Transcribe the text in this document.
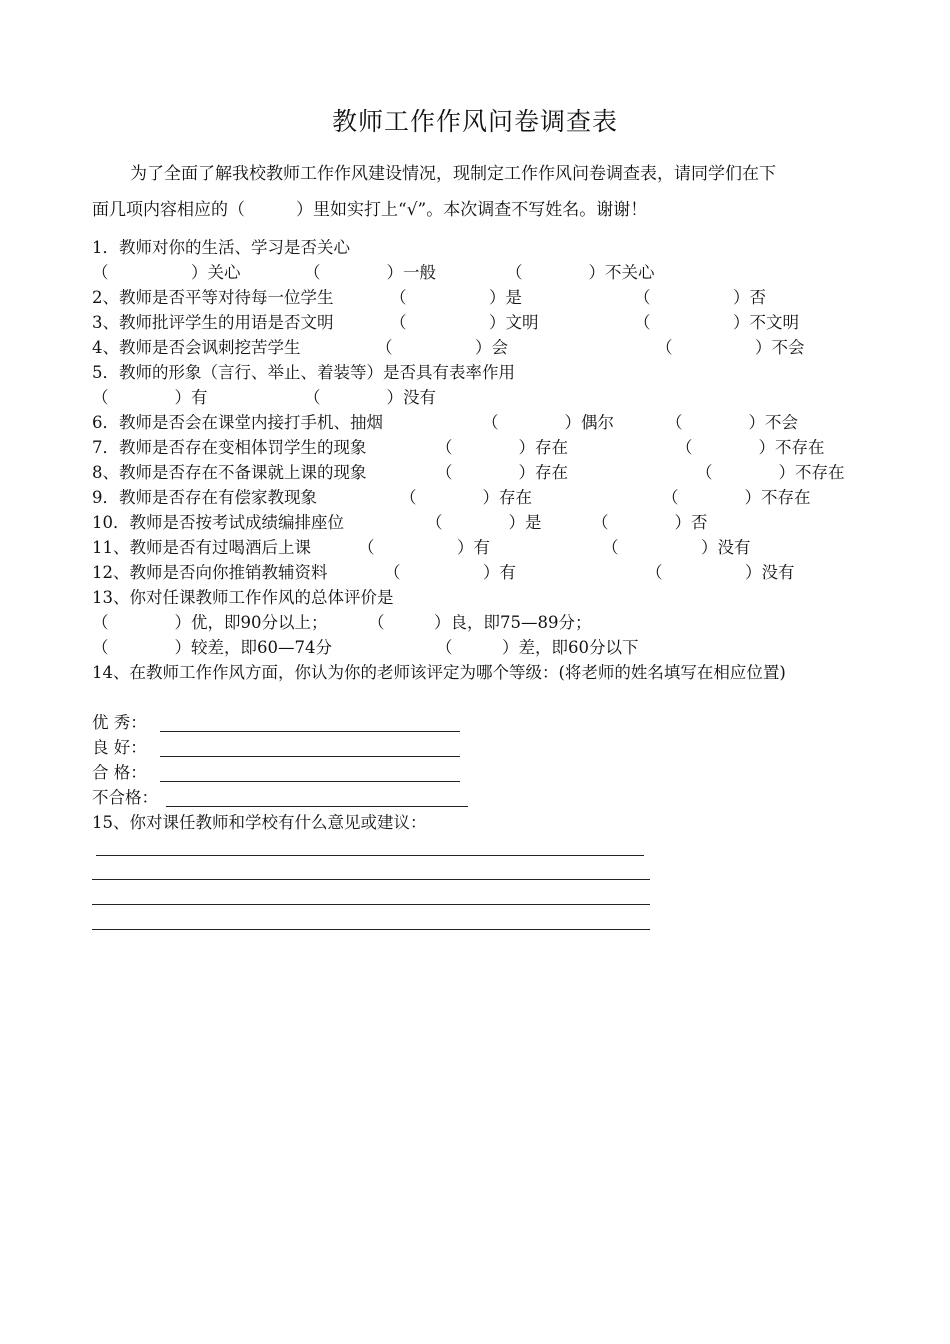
教师工作作风问卷调查表
为了全面了解我校教师工作作风建设情况，现制定工作作风问卷调查表，请同学们在下
面几项内容相应的（　　　）里如实打上“√”。本次调查不写姓名。谢谢！
1．教师对你的生活、学习是否关心
（　　　　　）关心	（　　　　）一般	（　　　　）不关心
2、教师是否平等对待每一位学生	（　　　　　）是	（　　　　　）否
3、教师批评学生的用语是否文明	（　　　　　）文明	（　　　　　）不文明
4、教师是否会讽刺挖苦学生	（　　　　　）会	（　　　　　）不会
5．教师的形象（言行、举止、着装等）是否具有表率作用
（　　　　）有	（　　　　）没有
6．教师是否会在课堂内接打手机、抽烟	（　　　　）偶尔	（　　　　）不会
7．教师是否存在变相体罚学生的现象	（　　　　）存在	（　　　　）不存在
8、教师是否存在不备课就上课的现象	（　　　　）存在	（　　　　）不存在
9．教师是否存在有偿家教现象	（　　　　）存在	（　　　　）不存在
10．教师是否按考试成绩编排座位	（　　　　）是	（　　　　）否
11、教师是否有过喝酒后上课	（　　　　　）有	（　　　　　）没有
12、教师是否向你推销教辅资料	（　　　　　）有	（　　　　　）没有
13、你对任课教师工作作风的总体评价是
（　　　　）优，即90分以上； （　　　）良，即75—89分；
（　　　　）较差，即60—74分	（　　　）差，即60分以下
14、在教师工作作风方面，你认为你的老师该评定为哪个等级：(将老师的姓名填写在相应位置)
优 秀：
良 好：
合 格：
不合格：
15、你对课任教师和学校有什么意见或建议：
